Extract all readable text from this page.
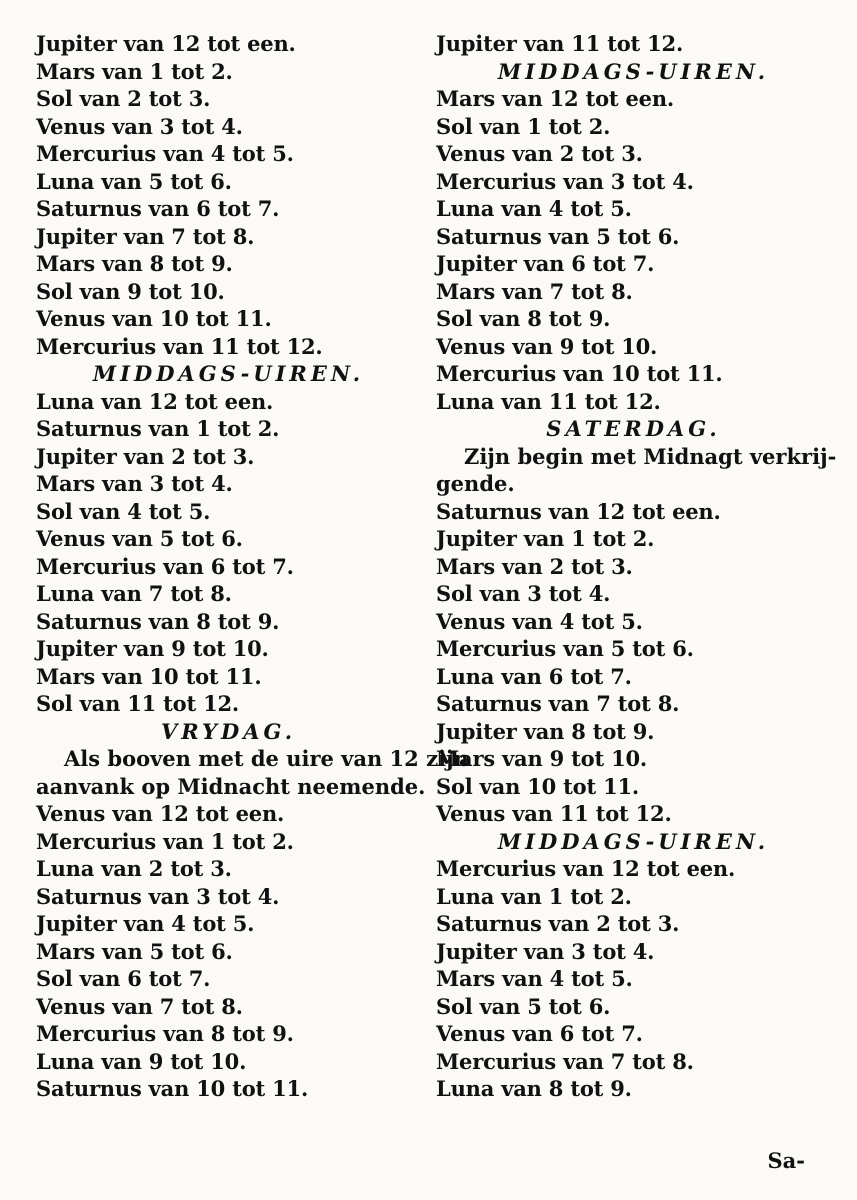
Jupiter van 12 tot een.
Mars van 1 tot 2.
Sol van 2 tot 3.
Venus van 3 tot 4.
Mercurius van 4 tot 5.
Luna van 5 tot 6.
Saturnus van 6 tot 7.
Jupiter van 7 tot 8.
Mars van 8 tot 9.
Sol van 9 tot 10.
Venus van 10 tot 11.
Mercurius van 11 tot 12.
MIDDAGS-UIREN.
Luna van 12 tot een.
Saturnus van 1 tot 2.
Jupiter van 2 tot 3.
Mars van 3 tot 4.
Sol van 4 tot 5.
Venus van 5 tot 6.
Mercurius van 6 tot 7.
Luna van 7 tot 8.
Saturnus van 8 tot 9.
Jupiter van 9 tot 10.
Mars van 10 tot 11.
Sol van 11 tot 12.
VRYDAG.
Als booven met de uire van 12 zijn
aanvank op Midnacht neemende.
Venus van 12 tot een.
Mercurius van 1 tot 2.
Luna van 2 tot 3.
Saturnus van 3 tot 4.
Jupiter van 4 tot 5.
Mars van 5 tot 6.
Sol van 6 tot 7.
Venus van 7 tot 8.
Mercurius van 8 tot 9.
Luna van 9 tot 10.
Saturnus van 10 tot 11.
Jupiter van 11 tot 12.
MIDDAGS-UIREN.
Mars van 12 tot een.
Sol van 1 tot 2.
Venus van 2 tot 3.
Mercurius van 3 tot 4.
Luna van 4 tot 5.
Saturnus van 5 tot 6.
Jupiter van 6 tot 7.
Mars van 7 tot 8.
Sol van 8 tot 9.
Venus van 9 tot 10.
Mercurius van 10 tot 11.
Luna van 11 tot 12.
SATERDAG.
Zijn begin met Midnagt verkrij-
gende.
Saturnus van 12 tot een.
Jupiter van 1 tot 2.
Mars van 2 tot 3.
Sol van 3 tot 4.
Venus van 4 tot 5.
Mercurius van 5 tot 6.
Luna van 6 tot 7.
Saturnus van 7 tot 8.
Jupiter van 8 tot 9.
Mars van 9 tot 10.
Sol van 10 tot 11.
Venus van 11 tot 12.
MIDDAGS-UIREN.
Mercurius van 12 tot een.
Luna van 1 tot 2.
Saturnus van 2 tot 3.
Jupiter van 3 tot 4.
Mars van 4 tot 5.
Sol van 5 tot 6.
Venus van 6 tot 7.
Mercurius van 7 tot 8.
Luna van 8 tot 9.
Sa-
